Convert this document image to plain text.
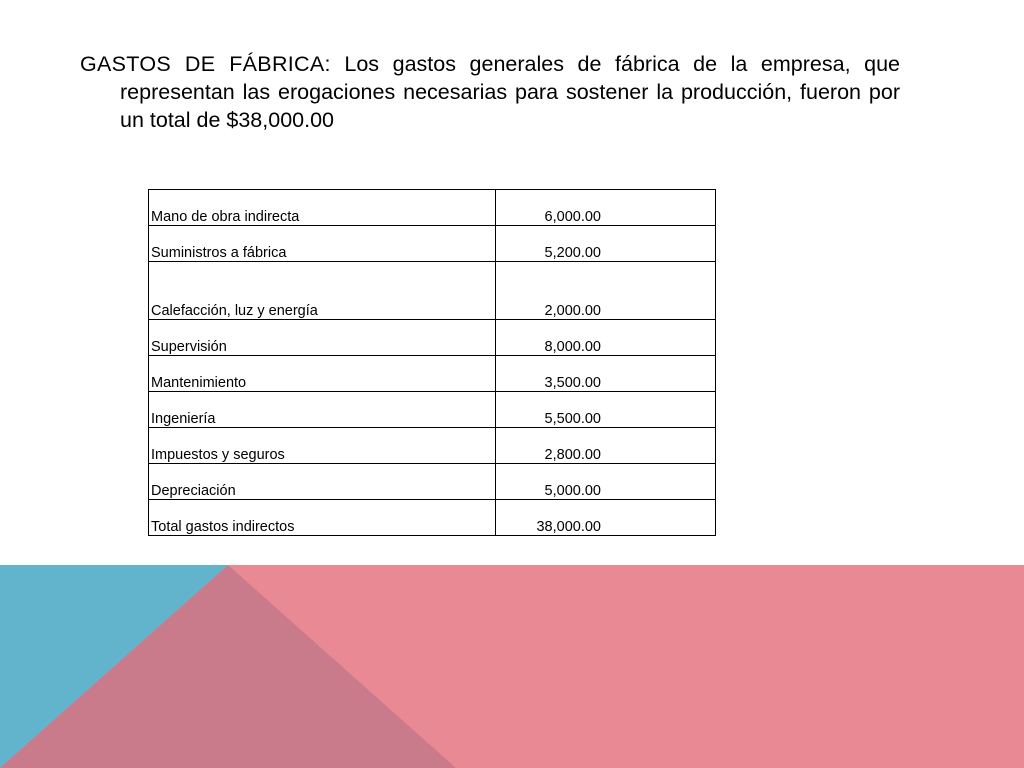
GASTOS DE FÁBRICA: Los gastos generales de fábrica de la empresa, que representan las erogaciones necesarias para sostener la producción, fueron por un total de $38,000.00
Mano de obra indirecta	6,000.00
Suministros a fábrica	5,200.00
Calefacción, luz y energía	2,000.00
Supervisión	8,000.00
Mantenimiento	3,500.00
Ingeniería	5,500.00
Impuestos y seguros	2,800.00
Depreciación	5,000.00
Total gastos indirectos	38,000.00
